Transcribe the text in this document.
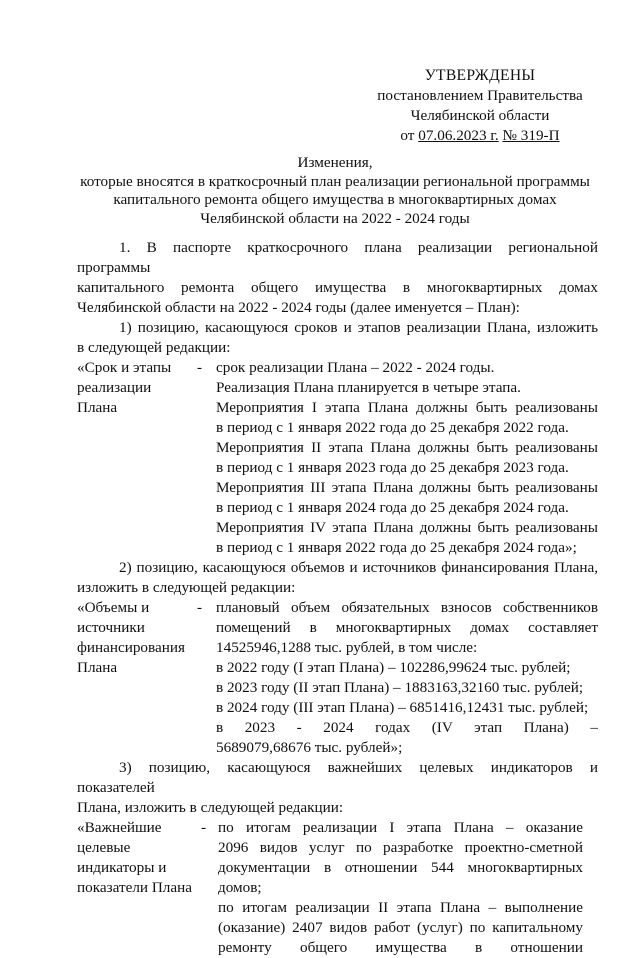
УТВЕРЖДЕНЫ
постановлением Правительства
Челябинской области
от 07.06.2023 г. № 319-П
Изменения,
которые вносятся в краткосрочный план реализации региональной программы
капитального ремонта общего имущества в многоквартирных домах
Челябинской области на 2022 - 2024 годы
1. В паспорте краткосрочного плана реализации региональной программы
капитального ремонта общего имущества в многоквартирных домах
Челябинской области на 2022 - 2024 годы (далее именуется – План):
1) позицию, касающуюся сроков и этапов реализации Плана, изложить
в следующей редакции:
«Срок и этапы
реализации
Плана
- срок реализации Плана – 2022 - 2024 годы.
Реализация Плана планируется в четыре этапа.
Мероприятия I этапа Плана должны быть реализованы
в период с 1 января 2022 года до 25 декабря 2022 года.
Мероприятия II этапа Плана должны быть реализованы
в период с 1 января 2023 года до 25 декабря 2023 года.
Мероприятия III этапа Плана должны быть реализованы
в период с 1 января 2024 года до 25 декабря 2024 года.
Мероприятия IV этапа Плана должны быть реализованы
в период с 1 января 2022 года до 25 декабря 2024 года»;
2) позицию, касающуюся объемов и источников финансирования Плана,
изложить в следующей редакции:
«Объемы и
источники
финансирования
Плана
- плановый объем обязательных взносов собственников
помещений в многоквартирных домах составляет
14525946,1288 тыс. рублей, в том числе:
в 2022 году (I этап Плана) – 102286,99624 тыс. рублей;
в 2023 году (II этап Плана) – 1883163,32160 тыс. рублей;
в 2024 году (III этап Плана) – 6851416,12431 тыс. рублей;
в 2023 - 2024 годах (IV этап Плана) –
5689079,68676 тыс. рублей»;
3) позицию, касающуюся важнейших целевых индикаторов и показателей
Плана, изложить в следующей редакции:
«Важнейшие
целевые
индикаторы и
показатели Плана
- по итогам реализации I этапа Плана – оказание
2096 видов услуг по разработке проектно-сметной
документации в отношении 544 многоквартирных
домов;
по итогам реализации II этапа Плана – выполнение
(оказание) 2407 видов работ (услуг) по капитальному
ремонту общего имущества в отношении
